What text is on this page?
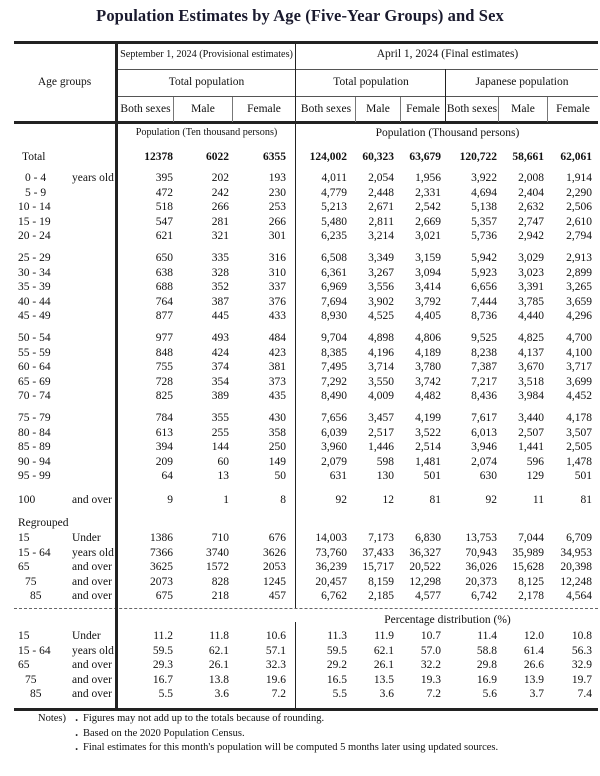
Population Estimates by Age (Five-Year Groups) and Sex
Age groups
September 1, 2024 (Provisional estimates)	April 1, 2024 (Final estimates)
Total population	Total population	Japanese population
Both sexes	Male	Female	Both sexes	Male	Female Both sexes	Male	Female
Population (Ten thousand persons)	Population (Thousand persons)
Total	12378	6022	6355 124,002 60,323 63,679 120,722 58,661 62,061
0 - 4 years old	395	202	193	4,011 2,054 1,956	3,922 2,008 1,914
5 - 9	472	242	230	4,779 2,448 2,331	4,694 2,404 2,290
10 - 14	518	266	253	5,213 2,671 2,542	5,138 2,632 2,506
15 - 19	547	281	266	5,480 2,811 2,669	5,357 2,747 2,610
20 - 24	621	321	301	6,235 3,214 3,021	5,736 2,942 2,794
25 - 29	650	335	316	6,508 3,349 3,159	5,942 3,029 2,913
30 - 34	638	328	310	6,361 3,267 3,094	5,923 3,023 2,899
35 - 39	688	352	337	6,969 3,556 3,414	6,656 3,391 3,265
40 - 44	764	387	376	7,694 3,902 3,792	7,444 3,785 3,659
45 - 49	877	445	433	8,930 4,525 4,405	8,736 4,440 4,296
50 - 54	977	493	484	9,704 4,898 4,806	9,525 4,825 4,700
55 - 59	848	424	423	8,385 4,196 4,189	8,238 4,137 4,100
60 - 64	755	374	381	7,495 3,714 3,780	7,387 3,670 3,717
65 - 69	728	354	373	7,292 3,550 3,742	7,217 3,518 3,699
70 - 74	825	389	435	8,490 4,009 4,482	8,436 3,984 4,452
75 - 79	784	355	430	7,656 3,457 4,199	7,617 3,440 4,178
80 - 84	613	255	358	6,039 2,517 3,522	6,013 2,507 3,507
85 - 89	394	144	250	3,960 1,446 2,514	3,946 1,441 2,505
90 - 94	209	60	149	2,079	598 1,481	2,074	596 1,478
95 - 99	64	13	50	631	130	501	630	129	501
100	and over	9	1	8	92	12	81	92	11	81
Regrouped
15	Under	1386	710	676	14,003 7,173 6,830 13,753 7,044 6,709
15 - 64 years old	7366	3740	3626	73,760 37,433 36,327 70,943 35,989 34,953
65	and over	3625	1572	2053	36,239 15,717 20,522 36,026 15,628 20,398
75	and over	2073	828	1245	20,457 8,159 12,298 20,373 8,125 12,248
85	and over	675	218	457	6,762 2,185 4,577	6,742 2,178 4,564
Percentage distribution (%)
15	Under	11.2	11.8	10.6	11.3 11.9 10.7	11.4 12.0 10.8
15 - 64 years old	59.5	62.1	57.1	59.5 62.1 57.0	58.8 61.4 56.3
65	and over	29.3	26.1	32.3	29.2 26.1 32.2	29.8 26.6 32.9
75	and over	16.7	13.8	19.6	16.5 13.5 19.3	16.9 13.9 19.7
85	and over	5.5	3.6	7.2	5.5	3.6	7.2	5.6	3.7	7.4
Notes) ･ Figures may not add up to the totals because of rounding.
･ Based on the 2020 Population Census.
･ Final estimates for this month's population will be computed 5 months later using updated sources.
